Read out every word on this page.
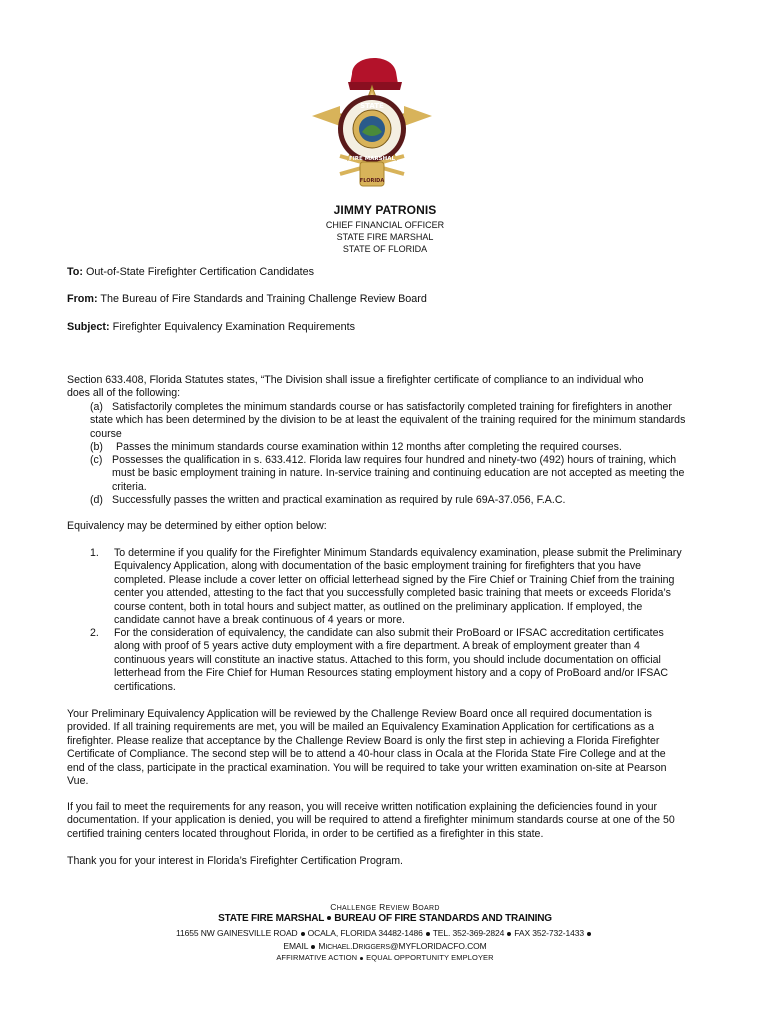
STATE
FIRE MARSHAL
FLORIDA
JIMMY PATRONIS
CHIEF FINANCIAL OFFICER
STATE FIRE MARSHAL
STATE OF FLORIDA
To: Out-of-State Firefighter Certification Candidates
From: The Bureau of Fire Standards and Training Challenge Review Board
Subject: Firefighter Equivalency Examination Requirements
Section 633.408, Florida Statutes states, “The Division shall issue a firefighter certificate of compliance to an individual who does all of the following:
(a) Satisfactorily completes the minimum standards course or has satisfactorily completed training for firefighters in another state which has been determined by the division to be at least the equivalent of the training required for the minimum standards course
(b) Passes the minimum standards course examination within 12 months after completing the required courses.
(c) Possesses the qualification in s. 633.412. Florida law requires four hundred and ninety-two (492) hours of training, which must be basic employment training in nature. In-service training and continuing education are not accepted as meeting the criteria.
(d) Successfully passes the written and practical examination as required by rule 69A-37.056, F.A.C.
Equivalency may be determined by either option below:
1. To determine if you qualify for the Firefighter Minimum Standards equivalency examination, please submit the Preliminary Equivalency Application, along with documentation of the basic employment training for firefighters that you have completed. Please include a cover letter on official letterhead signed by the Fire Chief or Training Chief from the training center you attended, attesting to the fact that you successfully completed basic training that meets or exceeds Florida’s course content, both in total hours and subject matter, as outlined on the preliminary application. If employed, the candidate cannot have a break continuous of 4 years or more.
2. For the consideration of equivalency, the candidate can also submit their ProBoard or IFSAC accreditation certificates along with proof of 5 years active duty employment with a fire department. A break of employment greater than 4 continuous years will constitute an inactive status. Attached to this form, you should include documentation on official letterhead from the Fire Chief for Human Resources stating employment history and a copy of ProBoard and/or IFSAC certifications.
Your Preliminary Equivalency Application will be reviewed by the Challenge Review Board once all required documentation is provided. If all training requirements are met, you will be mailed an Equivalency Examination Application for certifications as a firefighter. Please realize that acceptance by the Challenge Review Board is only the first step in achieving a Florida Firefighter Certificate of Compliance. The second step will be to attend a 40-hour class in Ocala at the Florida State Fire College and at the end of the class, participate in the practical examination. You will be required to take your written examination on-site at Pearson Vue.
If you fail to meet the requirements for any reason, you will receive written notification explaining the deficiencies found in your documentation. If your application is denied, you will be required to attend a firefighter minimum standards course at one of the 50 certified training centers located throughout Florida, in order to be certified as a firefighter in this state.
Thank you for your interest in Florida’s Firefighter Certification Program.
CHALLENGE REVIEW BOARD
STATE FIRE MARSHAL BUREAU OF FIRE STANDARDS AND TRAINING
11655 NW GAINESVILLE ROAD OCALA, FLORIDA 34482-1486 TEL. 352-369-2824 FAX 352-732-1433
EMAIL MICHAEL.DRIGGERS@MYFLORIDACFO.COM
AFFIRMATIVE ACTION EQUAL OPPORTUNITY EMPLOYER
